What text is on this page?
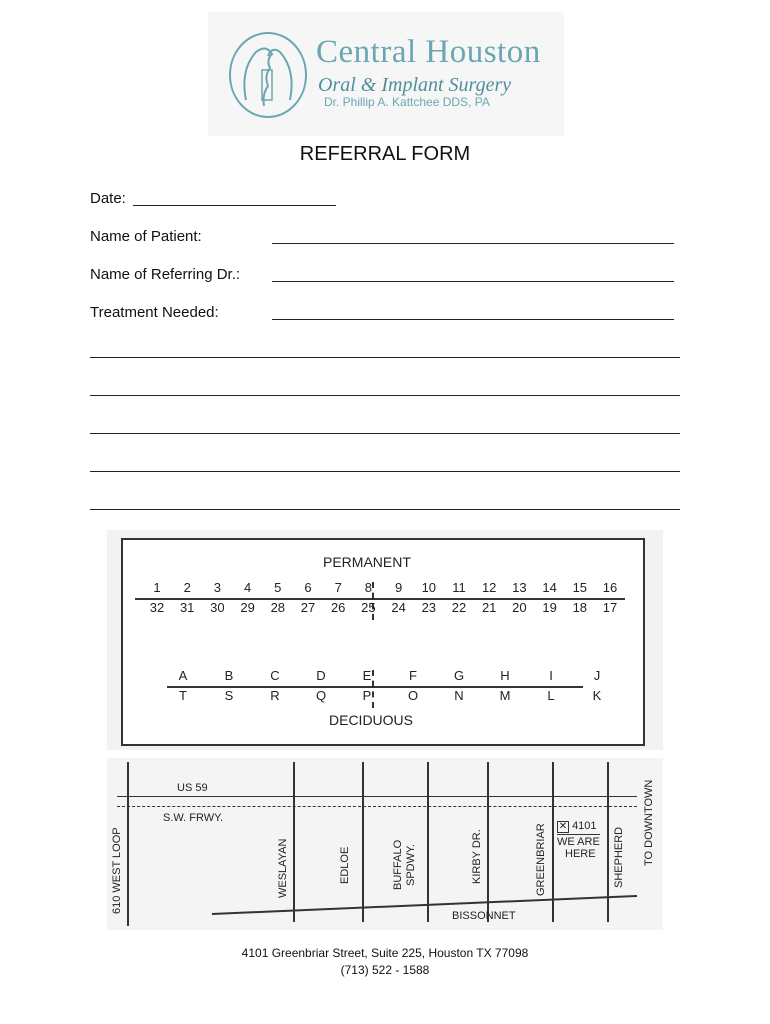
Central Houston
Oral & Implant Surgery
Dr. Phillip A. Kattchee DDS, PA
REFERRAL FORM
Date:
Name of Patient:
Name of Referring Dr.:
Treatment Needed:
PERMANENT
1	2	3	4	5	6	7	8	9	10	11	12	13	14	15	16
32	31	30	29	28	27	26	25	24	23	22	21	20	19	18	17
A	B	C	D	E	F	G	H	I	J
T	S	R	Q	P	O	N	M	L	K
DECIDUOUS
US 59
S.W. FRWY.
610 WEST LOOP	WESLAYAN	EDLOE	BUFFALO SPDWY.	KIRBY DR.	GREENBRIAR	SHEPHERD TO DOWNTOWN
✕ 4101
WE ARE
HERE
BISSONNET
4101 Greenbriar Street, Suite 225, Houston TX 77098
(713) 522 - 1588
